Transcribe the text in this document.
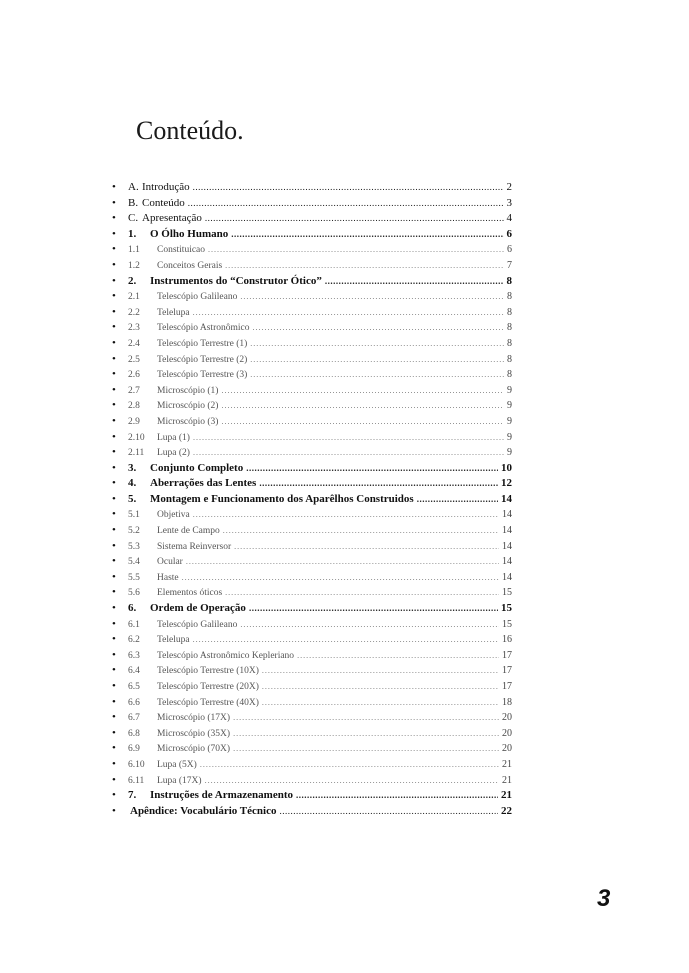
Conteúdo.
• A. Introdução .....	2
• B. Conteúdo .....	3
• C. Apresentação .....	4
• 1.	O Ólho Humano .....	6
• 1.1	Constituicao .....	6
• 1.2	Conceitos Gerais .....	7
• 2.	Instrumentos do “Construtor Ótico” .....	8
• 2.1	Telescópio Galileano .....	8
• 2.2	Telelupa .....	8
• 2.3	Telescópio Astronômico .....	8
• 2.4	Telescópio Terrestre (1) .....	8
• 2.5	Telescópio Terrestre (2) .....	8
• 2.6	Telescópio Terrestre (3) .....	8
• 2.7	Microscópio (1) .....	9
• 2.8	Microscópio (2) .....	9
• 2.9	Microscópio (3) .....	9
• 2.10	Lupa (1) .....	9
• 2.11	Lupa (2) .....	9
• 3.	Conjunto Completo .....	10
• 4.	Aberrações das Lentes .....	12
• 5.	Montagem e Funcionamento dos Aparêlhos Construidos .....	14
• 5.1	Objetiva .....	14
• 5.2	Lente de Campo .....	14
• 5.3	Sistema Reinversor .....	14
• 5.4	Ocular .....	14
• 5.5	Haste .....	14
• 5.6	Elementos óticos .....	15
• 6.	Ordem de Operação .....	15
• 6.1	Telescópio Galileano .....	15
• 6.2	Telelupa .....	16
• 6.3	Telescópio Astronômico Kepleriano .....	17
• 6.4	Telescópio Terrestre (10X) .....	17
• 6.5	Telescópio Terrestre (20X) .....	17
• 6.6	Telescópio Terrestre (40X) .....	18
• 6.7	Microscópio (17X) .....	20
• 6.8	Microscópio (35X) .....	20
• 6.9	Microscópio (70X) .....	20
• 6.10	Lupa (5X) .....	21
• 6.11	Lupa (17X) .....	21
• 7.	Instruções de Armazenamento .....	21
• Apêndice: Vocabulário Técnico .....	22
3
